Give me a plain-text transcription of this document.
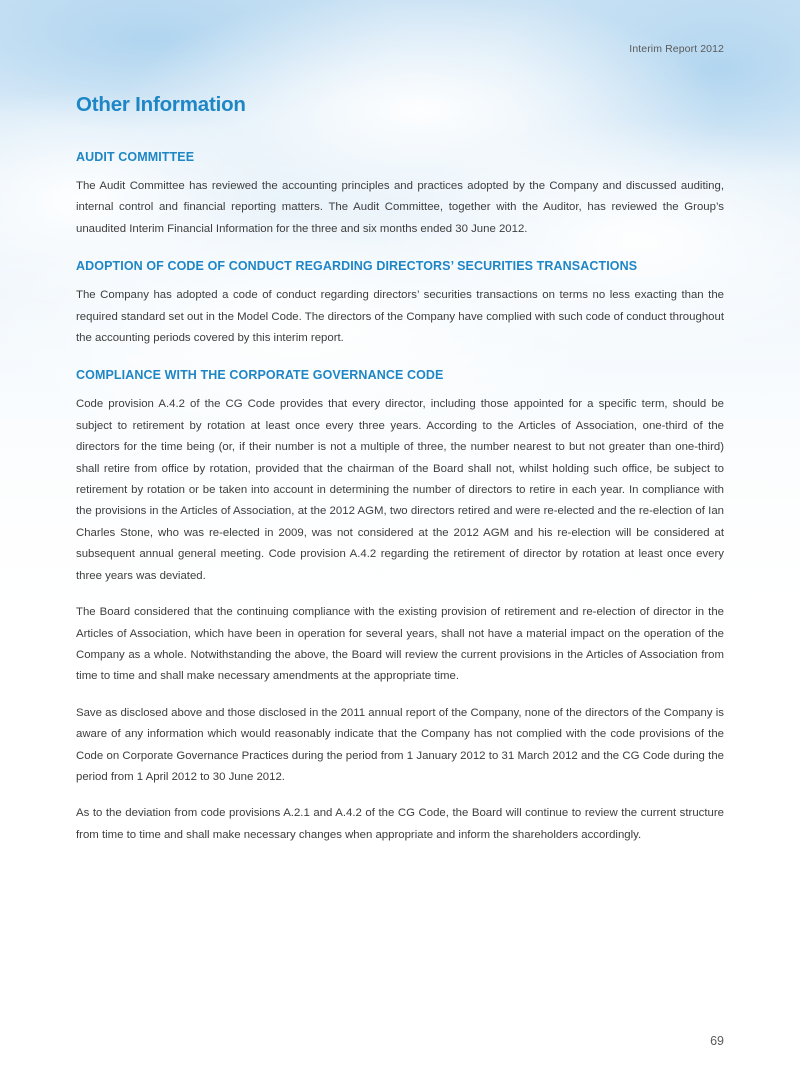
Interim Report 2012
Other Information
AUDIT COMMITTEE

The Audit Committee has reviewed the accounting principles and practices adopted by the Company and discussed auditing, internal control and financial reporting matters. The Audit Committee, together with the Auditor, has reviewed the Group’s unaudited Interim Financial Information for the three and six months ended 30 June 2012.

ADOPTION OF CODE OF CONDUCT REGARDING DIRECTORS’ SECURITIES TRANSACTIONS

The Company has adopted a code of conduct regarding directors’ securities transactions on terms no less exacting than the required standard set out in the Model Code. The directors of the Company have complied with such code of conduct throughout the accounting periods covered by this interim report.

COMPLIANCE WITH THE CORPORATE GOVERNANCE CODE

Code provision A.4.2 of the CG Code provides that every director, including those appointed for a specific term, should be subject to retirement by rotation at least once every three years. According to the Articles of Association, one-third of the directors for the time being (or, if their number is not a multiple of three, the number nearest to but not greater than one-third) shall retire from office by rotation, provided that the chairman of the Board shall not, whilst holding such office, be subject to retirement by rotation or be taken into account in determining the number of directors to retire in each year. In compliance with the provisions in the Articles of Association, at the 2012 AGM, two directors retired and were re-elected and the re-election of Ian Charles Stone, who was re-elected in 2009, was not considered at the 2012 AGM and his re-election will be considered at subsequent annual general meeting. Code provision A.4.2 regarding the retirement of director by rotation at least once every three years was deviated.

The Board considered that the continuing compliance with the existing provision of retirement and re-election of director in the Articles of Association, which have been in operation for several years, shall not have a material impact on the operation of the Company as a whole. Notwithstanding the above, the Board will review the current provisions in the Articles of Association from time to time and shall make necessary amendments at the appropriate time.

Save as disclosed above and those disclosed in the 2011 annual report of the Company, none of the directors of the Company is aware of any information which would reasonably indicate that the Company has not complied with the code provisions of the Code on Corporate Governance Practices during the period from 1 January 2012 to 31 March 2012 and the CG Code during the period from 1 April 2012 to 30 June 2012.

As to the deviation from code provisions A.2.1 and A.4.2 of the CG Code, the Board will continue to review the current structure from time to time and shall make necessary changes when appropriate and inform the shareholders accordingly.

69
